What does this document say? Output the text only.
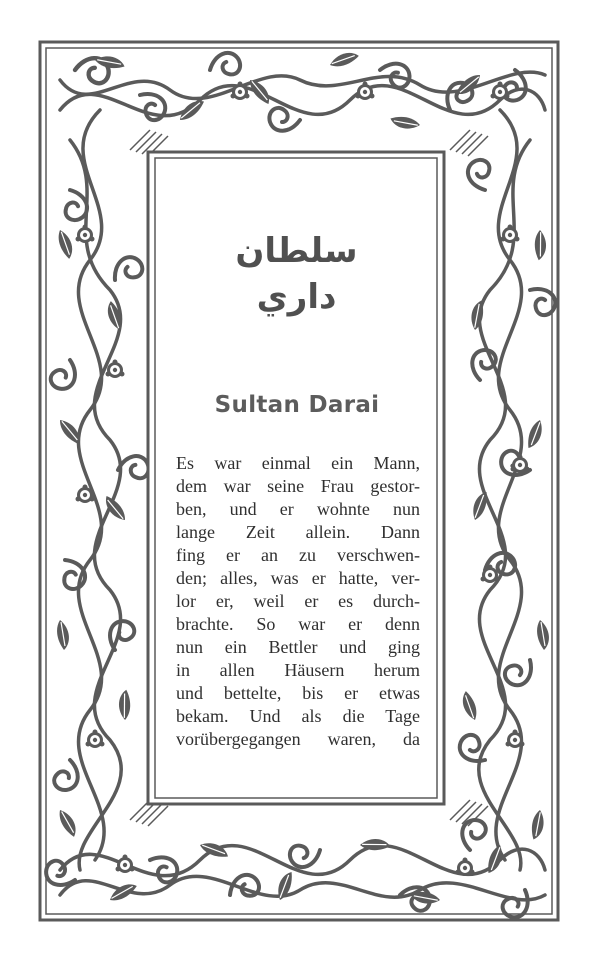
سلطان
داري
Sultan Darai
Es war einmal ein Mann,
dem war seine Frau gestor-
ben, und er wohnte nun
lange Zeit allein. Dann
fing er an zu verschwen-
den; alles, was er hatte, ver-
lor er, weil er es durch-
brachte. So war er denn
nun ein Bettler und ging
in allen Häusern herum
und bettelte, bis er etwas
bekam. Und als die Tage
vorübergegangen waren, da
